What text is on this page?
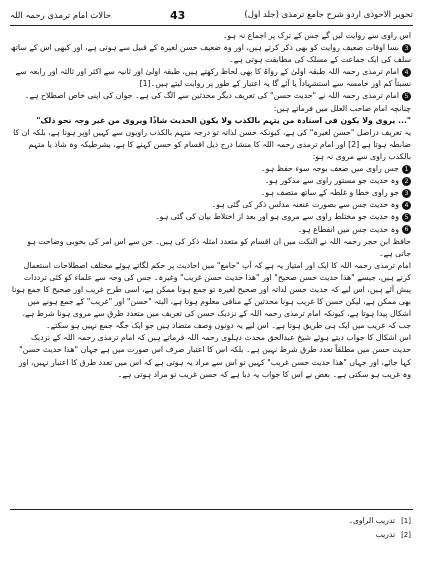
حالات امام ترمذی رحمہ اللہ	43	تحویر الاحوذی اردو شرح جامع ترمذی (جلد اول)

اس راوی سے روایت لیں گے جس کے ترک پر اجماع نہ ہو۔

3بسا اوقات ضعیف روایت کو بھی ذکر کرتے ہیں، اور وہ ضعیف حسن لغیرہ کے قبیل سے ہوتی ہے، اور کبھی اس کے ساتھ سلف کی ایک جماعت کے مسلک کی مطابقت ہوتی ہے۔

4امام ترمذی رحمہ اللہ طبقہ اولیٰ کے رواۃ کا بھی لحاظ رکھتے ہیں، طبقہ اولیٰ اور ثانیہ سے اکثر اور ثالثہ اور رابعہ سے نسبتاً کم اور خامسہ سے استشہاداً یا آئے گا یہ اعتبار کے طور پر روایت لیتے ہیں۔[1]

5امام ترمذی رحمہ اللہ نے "حدیث حسن" کی تعریف دیگر محدثین سے الگ کی ہے۔ جوان کی اپنی خاص اصطلاح ہے۔

چنانچہ امام صاحب العلل میں فرماتے ہیں:

"... یروی ولا یکون فی اسنادہ من یتہم بالکذب ولا یکون الحدیث شاذًا ویروی من غیر وجہ نحو ذلک"

یہ تعریف دراصل "حسن لغیرہ" کی ہے، کیونکہ حسن لذاتہ تو درجہ متہم بالکذب راویوں سے کہیں اوپر ہوتا ہے، بلکہ ان کا ضابطہ ہوتا ہے [2] اور امام ترمذی رحمہ اللہ کا منشا درج ذیل اقسام کو حسن کہنے کا ہے، بشرطیکہ وہ شاذ یا متہم بالکذب راوی سے مروی نہ ہو:

1جس راوی میں ضعف بوجہ سوء حفظ ہو۔
2وہ حدیث جو مستور راوی سے مذکور ہو۔
3جو راوی خطا و غلطہ کے ساتھ متصف ہو۔
4وہ حدیث جس سے بصورت عنعنہ مدلس ذکر کی گئی ہو۔
5وہ حدیث جو مختلط راوی سے مروی ہو اور بعد از اختلاط بیان کی گئی ہو۔
6وہ حدیث جس میں انقطاع ہو۔

حافظ ابن حجر رحمہ اللہ نے النکت میں ان اقسام کو متعدد امثلہ ذکر کی ہیں۔ جن سے اس امر کی بخوبی وضاحت ہو جاتی ہے۔

امام ترمذی رحمہ اللہ کا ایک اور امتیاز یہ ہے کہ آپ "جامع" میں احادیث پر حکم لگاتے ہوئے مختلف اصطلاحات استعمال کرتے ہیں، جیسے "ھذا حدیث حسن صحیح" اور "ھذا حدیث حسن غریب" وغیرہ۔ جس کی وجہ سے علماء کو کئی ترددات پیش آئے ہیں، اس لیے کہ حدیث حسن لذاتہ اور صحیح لغیرہ تو جمع ہونا ممکن ہے، اسی طرح غریب اور صحیح کا جمع ہونا بھی ممکن ہے، لیکن حسن کا غریب ہونا محدثین کے منافی معلوم ہوتا ہے، البتہ "حسن" اور "غریب" کے جمع ہونے میں اشکال پیدا ہوتا ہے، کیونکہ امام ترمذی رحمہ اللہ کے نزدیک حسن کی تعریف میں متعدد طرق سے مروی ہونا شرط ہے، جب کہ غریب میں ایک ہی طریق ہوتا ہے۔ اس لیے یہ دونوں وصف متضاد ہیں جو ایک جگہ جمع نہیں ہو سکتے۔

اس اشکال کا جواب دیتے ہوئے شیخ عبدالحق محدث دہلوی رحمہ اللہ فرماتے ہیں کہ امام ترمذی رحمہ اللہ کے نزدیک حدیث حسن میں مطلقاً تعدد طرق شرط نہیں ہے۔ بلکہ اس کا اعتبار صرف اس صورت میں ہے جہاں "ھذا حدیث حسن" کہا جائے، اور جہاں "ھذا حدیث حسن غریب" کہیں تو اس سے مراد یہ ہوتی ہے کہ اس میں تعدد طرق کا اعتبار نہیں، اور وہ غریب ہو سکتی ہے۔ بعض نے اس کا جواب یہ دیا ہے کہ حسن غریب تو مراد ہوتی ہے۔

[1]
تدریب الراوی۔
[2]
تدریب
